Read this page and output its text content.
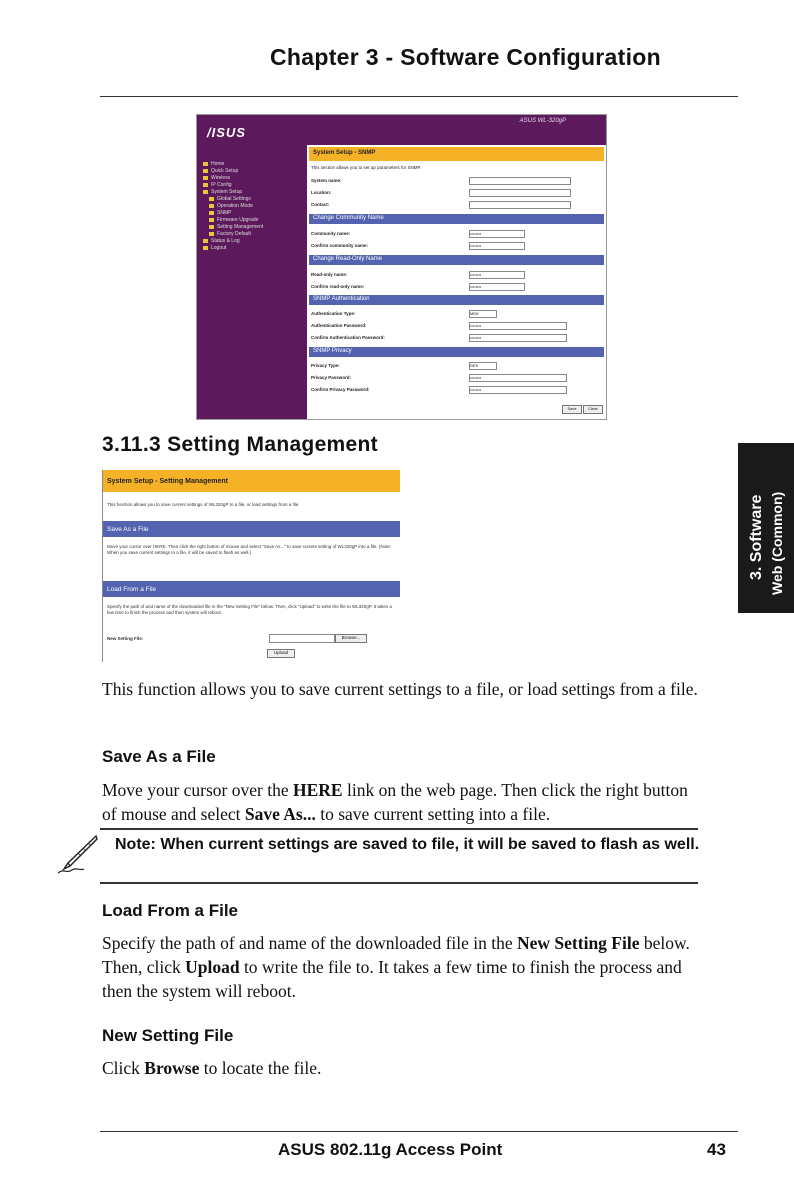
Chapter 3 - Software Configuration
ASUS WL-320gP
/ISUS
Home
Quick Setup
Wireless
IP Config
System Setup
Global Settings
Operation Mode
SNMP
Firmware Upgrade
Setting Management
Factory Default
Status & Log
Logout
System Setup - SNMP
This section allows you to set up parameters for SNMP.
System name:
Location:
Contact:
Change Community Name
Community name:	••••••••
Confirm community name:	••••••••
Change Read-Only Name
Read-only name:	••••••••
Confirm read-only name:	••••••••
SNMP Authentication
Authentication Type:	MD5
Authentication Password:	••••••••
Confirm Authentication Password:	••••••••
SNMP Privacy
Privacy Type:	DES
Privacy Password:	••••••••
Confirm Privacy Password:	••••••••
Save	Clear
3.11.3 Setting Management
System Setup - Setting Management
This function allows you to save current settings of WL320gP to a file, or load settings from a file.
Save As a File
Move your cursor over HERE. Then click the right button of mouse and select "Save As..." to save current setting of WL320gP into a file. (Note: When you save current settings to a file, it will be saved to flash as well.)
Load From a File
Specify the path of and name of the downloaded file in the "New Setting File" below. Then, click "Upload" to write the file to WL320gP. It takes a few time to finish the process and then system will reboot.
New Setting File:	Browse...
Upload
3. Software Web (Common)
This function allows you to save current settings to a file, or load settings from a file.
Save As a File
Move your cursor over the HERE link on the web page. Then click the right button of mouse and select Save As... to save current setting into a file.
Note: When current settings are saved to file, it will be saved to flash as well.
Load From a File
Specify the path of and name of the downloaded file in the New Setting File below. Then, click Upload to write the file to. It takes a few time to finish the process and then the system will reboot.
New Setting File
Click Browse to locate the file.
ASUS 802.11g Access Point	43
